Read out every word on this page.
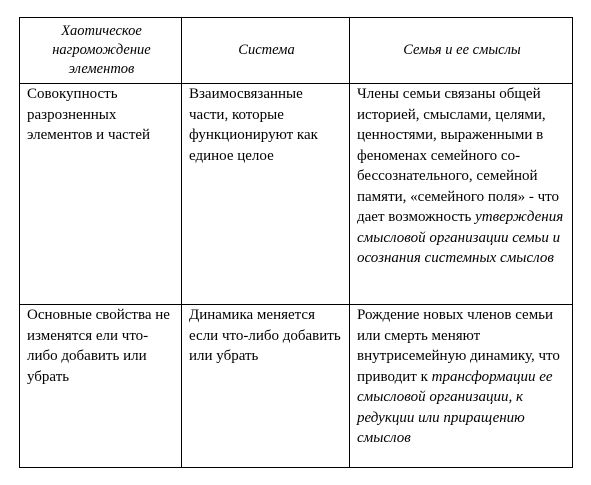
Хаотическое нагромождение элементов	Система	Семья и ее смыслы
Совокупность разрозненных элементов и частей	Взаимосвязанные части, которые функционируют как единое целое	Члены семьи связаны общей историей, смыслами, целями, ценностями, выраженными в феноменах семейного со-бессознательного, семейной памяти, «семейного поля» - что дает возможность утверждения смысловой организации семьи и осознания системных смыслов
Основные свойства не изменятся ели что-либо добавить или убрать	Динамика меняется если что-либо добавить или убрать	Рождение новых членов семьи или смерть меняют внутрисемейную динамику, что приводит к трансформации ее смысловой организации, к редукции или приращению смыслов
